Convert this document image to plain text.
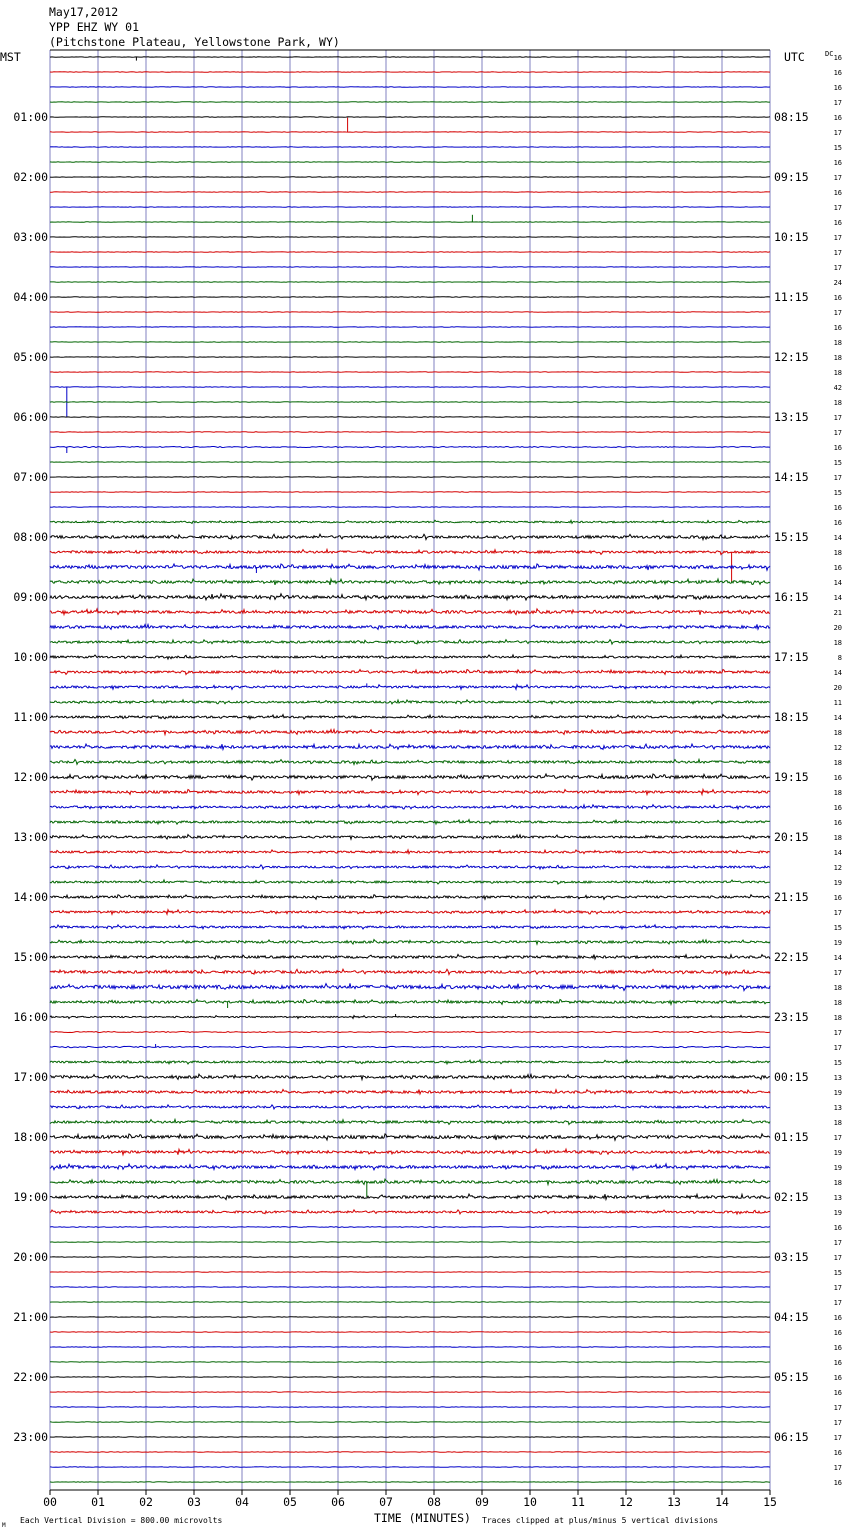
00	01	02	03	04	05	06	07	08	09	10	11	12	13	14	15
16
16
16
17
16
17
15
16
17
16
17
16
17
17
17
24
16
17
16
18
18
18
42
18
17
17
16
15
17
15
16
16
14
18
16
14
14
21
20
18
8
14
20
11
14
18
12
18
16
18
16
16
18
14
12
19
16
17
15
19
14
17
18
18
18
17
17
15
13
19
13
18
17
19
19
18
13
19
16
17
17
15
17
17
16
16
16
16
16
16
17
17
17
16
17
16
01:00
02:00
03:00
04:00
05:00
06:00
07:00
08:00
09:00
10:00
11:00
12:00
13:00
14:00
15:00
16:00
17:00
18:00
19:00
20:00
21:00
22:00
23:00
08:15
09:15
10:15
11:15
12:15
13:15
14:15
15:15
16:15
17:15
18:15
19:15
20:15
21:15
22:15
23:15
00:15
01:15
02:15
03:15
04:15
05:15
06:15
May17,2012
YPP EHZ WY 01
(Pitchstone Plateau, Yellowstone Park, WY)
MST	UTC	DC
Each Vertical Division = 800.00 microvolts	TIME (MINUTES) Traces clipped at plus/minus 5 vertical divisions
M
